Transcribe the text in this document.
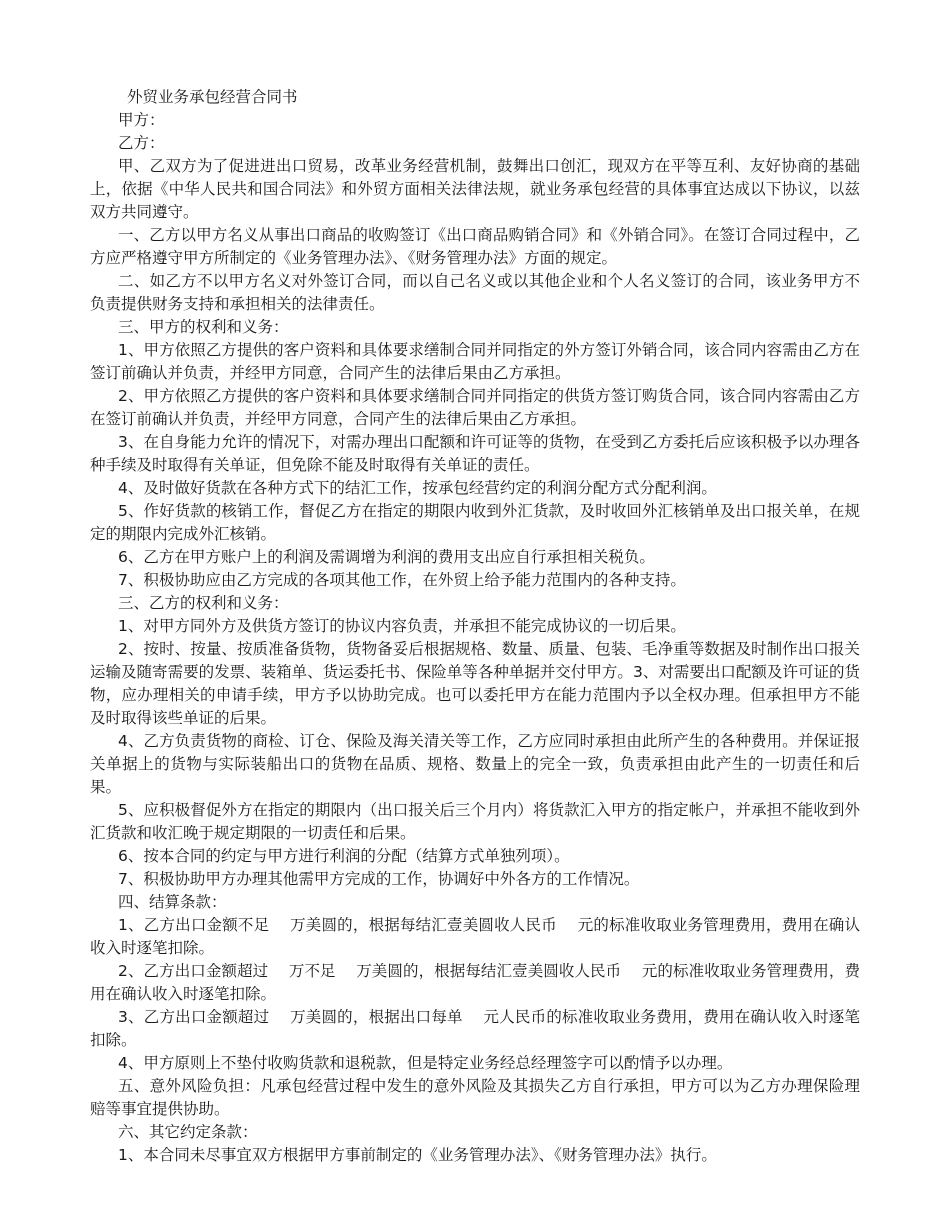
外贸业务承包经营合同书

甲方：

乙方：

甲、乙双方为了促进进出口贸易，改革业务经营机制，鼓舞出口创汇，现双方在平等互利、友好协商的基础上，依据《中华人民共和国合同法》和外贸方面相关法律法规，就业务承包经营的具体事宜达成以下协议，以兹双方共同遵守。

一、乙方以甲方名义从事出口商品的收购签订《出口商品购销合同》和《外销合同》。在签订合同过程中，乙方应严格遵守甲方所制定的《业务管理办法》、《财务管理办法》方面的规定。

二、如乙方不以甲方名义对外签订合同，而以自己名义或以其他企业和个人名义签订的合同，该业务甲方不负责提供财务支持和承担相关的法律责任。

三、甲方的权利和义务：

1、甲方依照乙方提供的客户资料和具体要求缮制合同并同指定的外方签订外销合同，该合同内容需由乙方在签订前确认并负责，并经甲方同意，合同产生的法律后果由乙方承担。

2、甲方依照乙方提供的客户资料和具体要求缮制合同并同指定的供货方签订购货合同，该合同内容需由乙方在签订前确认并负责，并经甲方同意，合同产生的法律后果由乙方承担。

3、在自身能力允许的情况下，对需办理出口配额和许可证等的货物，在受到乙方委托后应该积极予以办理各种手续及时取得有关单证，但免除不能及时取得有关单证的责任。

4、及时做好货款在各种方式下的结汇工作，按承包经营约定的利润分配方式分配利润。

5、作好货款的核销工作，督促乙方在指定的期限内收到外汇货款，及时收回外汇核销单及出口报关单，在规定的期限内完成外汇核销。

6、乙方在甲方账户上的利润及需调增为利润的费用支出应自行承担相关税负。

7、积极协助应由乙方完成的各项其他工作，在外贸上给予能力范围内的各种支持。

三、乙方的权利和义务：

1、对甲方同外方及供货方签订的协议内容负责，并承担不能完成协议的一切后果。

2、按时、按量、按质准备货物，货物备妥后根据规格、数量、质量、包装、毛净重等数据及时制作出口报关运输及随寄需要的发票、装箱单、货运委托书、保险单等各种单据并交付甲方。3、对需要出口配额及许可证的货物，应办理相关的申请手续，甲方予以协助完成。也可以委托甲方在能力范围内予以全权办理。但承担甲方不能及时取得该些单证的后果。

4、乙方负责货物的商检、订仓、保险及海关清关等工作，乙方应同时承担由此所产生的各种费用。并保证报关单据上的货物与实际装船出口的货物在品质、规格、数量上的完全一致，负责承担由此产生的一切责任和后果。

5、应积极督促外方在指定的期限内（出口报关后三个月内）将货款汇入甲方的指定帐户，并承担不能收到外汇货款和收汇晚于规定期限的一切责任和后果。

6、按本合同的约定与甲方进行利润的分配（结算方式单独列项）。

7、积极协助甲方办理其他需甲方完成的工作，协调好中外各方的工作情况。

四、结算条款：

1、乙方出口金额不足　 万美圆的，根据每结汇壹美圆收人民币　 元的标准收取业务管理费用，费用在确认收入时逐笔扣除。

2、乙方出口金额超过　 万不足　 万美圆的，根据每结汇壹美圆收人民币　 元的标准收取业务管理费用，费用在确认收入时逐笔扣除。

3、乙方出口金额超过　 万美圆的，根据出口每单　 元人民币的标准收取业务费用，费用在确认收入时逐笔扣除。

4、甲方原则上不垫付收购货款和退税款，但是特定业务经总经理签字可以酌情予以办理。

五、意外风险负担：凡承包经营过程中发生的意外风险及其损失乙方自行承担，甲方可以为乙方办理保险理赔等事宜提供协助。

六、其它约定条款：

1、本合同未尽事宜双方根据甲方事前制定的《业务管理办法》、《财务管理办法》执行。
